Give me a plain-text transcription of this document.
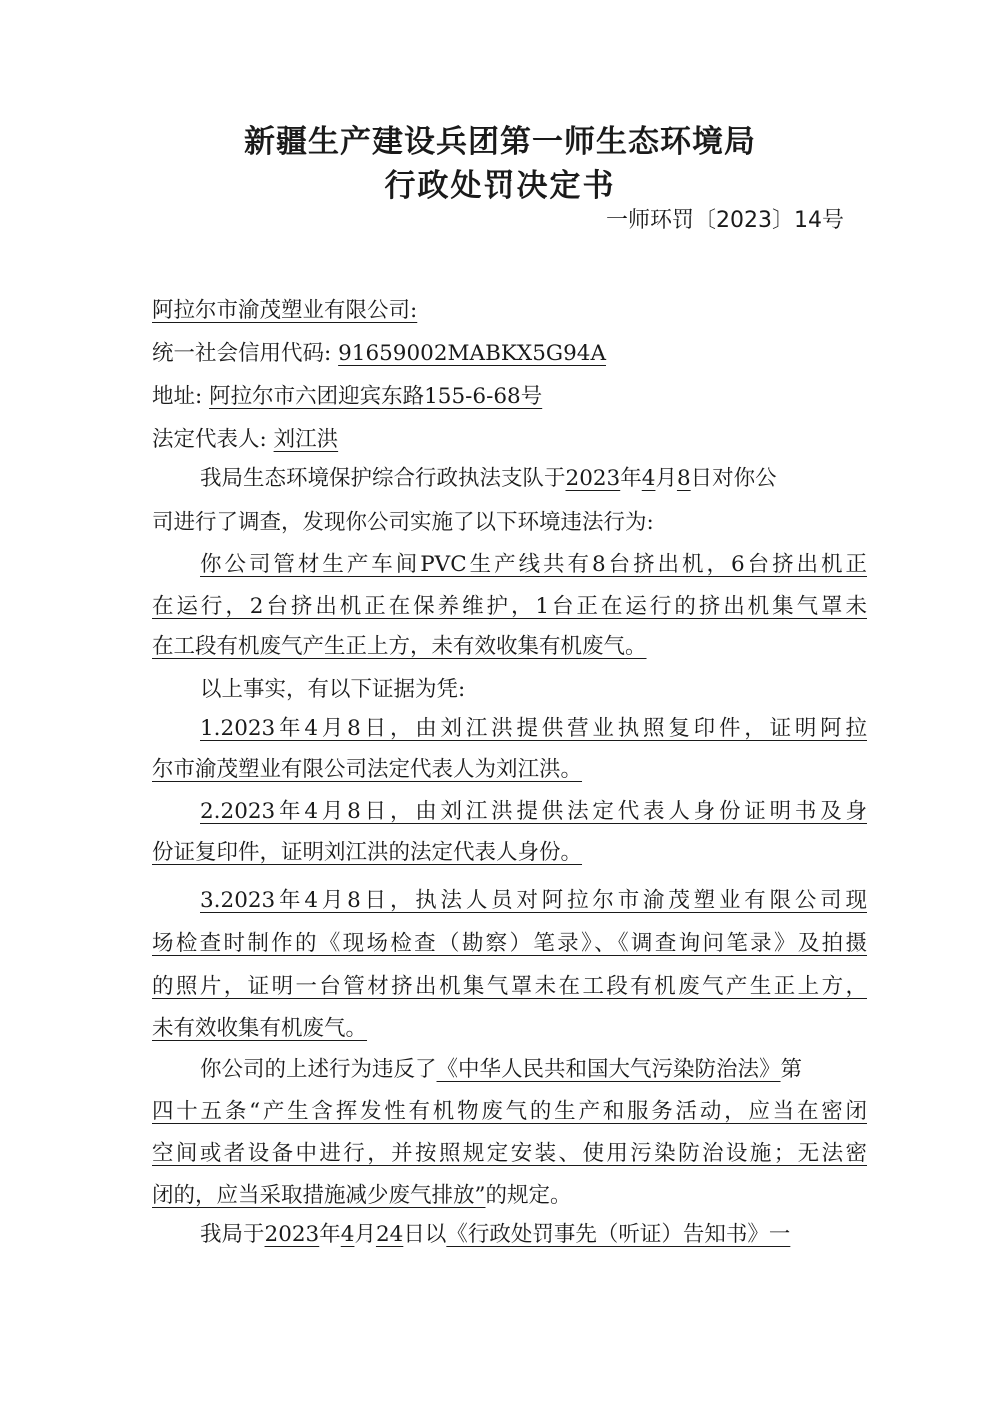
新疆生产建设兵团第一师生态环境局
行政处罚决定书
一师环罚〔2023〕14号
阿拉尔市渝茂塑业有限公司:
统一社会信用代码: 91659002MABKX5G94A
地址: 阿拉尔市六团迎宾东路155-6-68号
法定代表人: 刘江洪
我局生态环境保护综合行政执法支队于2023年4月8日对你公
司进行了调查，发现你公司实施了以下环境违法行为:
你公司管材生产车间PVC生产线共有8台挤出机，6台挤出机正
在运行，2台挤出机正在保养维护，1台正在运行的挤出机集气罩未
在工段有机废气产生正上方，未有效收集有机废气。
以上事实，有以下证据为凭:
1.2023年4月8日，由刘江洪提供营业执照复印件，证明阿拉
尔市渝茂塑业有限公司法定代表人为刘江洪。
2.2023年4月8日，由刘江洪提供法定代表人身份证明书及身
份证复印件，证明刘江洪的法定代表人身份。
3.2023年4月8日，执法人员对阿拉尔市渝茂塑业有限公司现
场检查时制作的《现场检查（勘察）笔录》、《调查询问笔录》及拍摄
的照片，证明一台管材挤出机集气罩未在工段有机废气产生正上方，
未有效收集有机废气。
你公司的上述行为违反了《中华人民共和国大气污染防治法》第
四十五条“产生含挥发性有机物废气的生产和服务活动，应当在密闭
空间或者设备中进行，并按照规定安装、使用污染防治设施；无法密
闭的，应当采取措施减少废气排放”的规定。
我局于2023年4月24日以《行政处罚事先（听证）告知书》一
